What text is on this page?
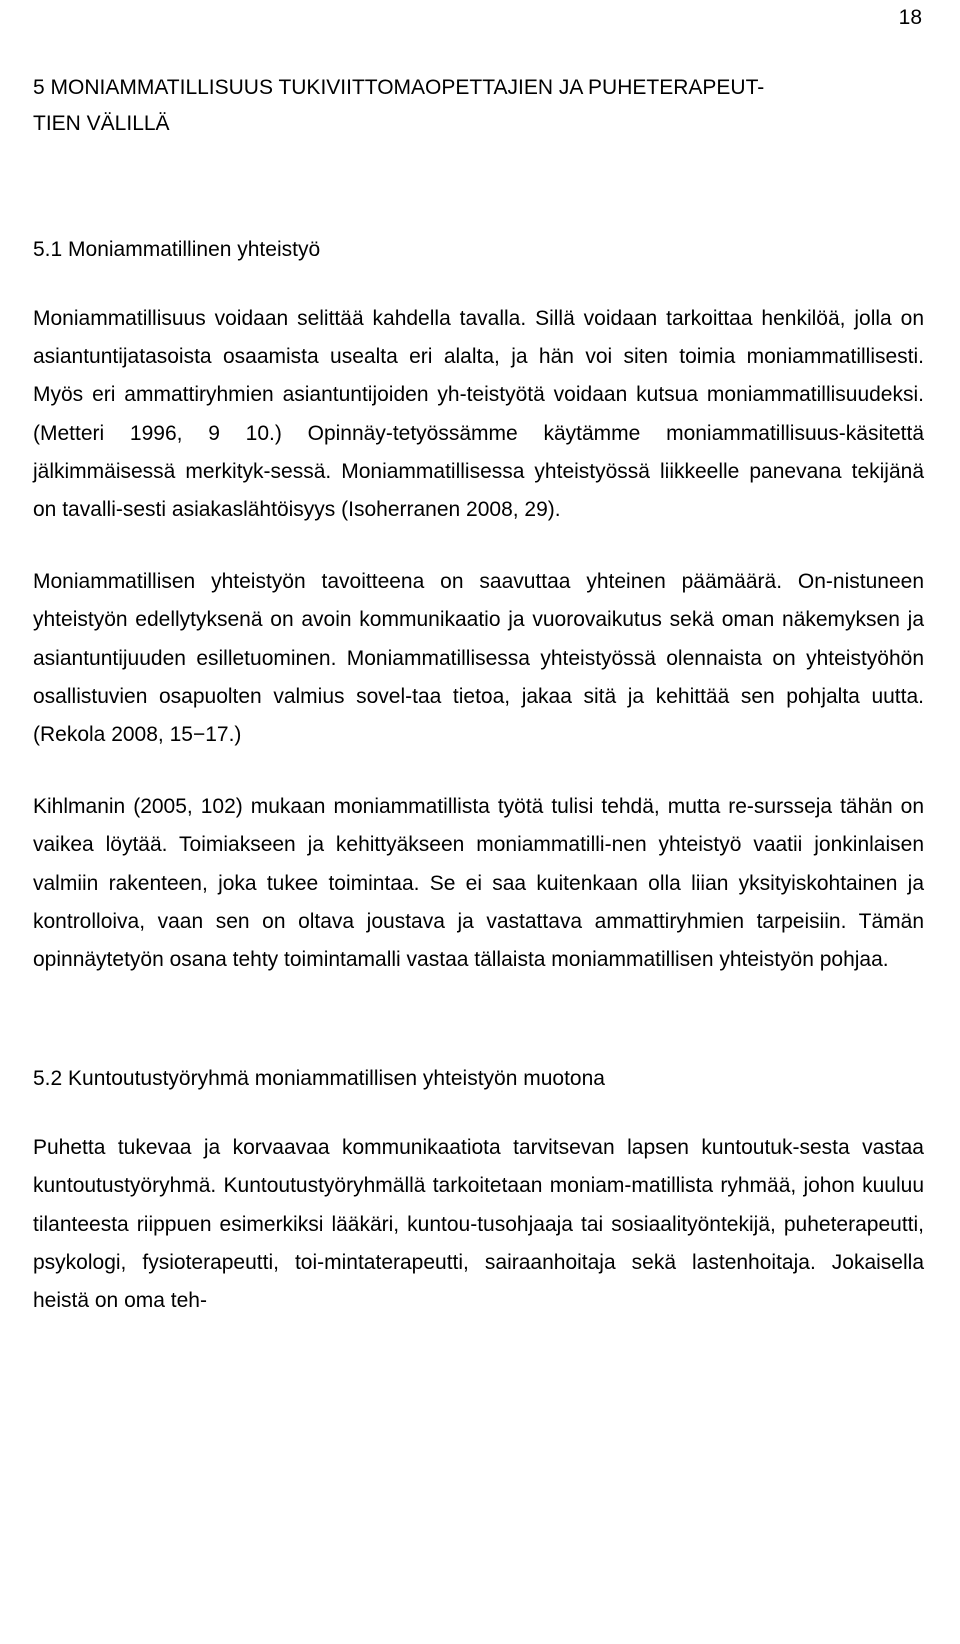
18
5 MONIAMMATILLISUUS TUKIVIITTOMAOPETTAJIEN JA PUHETERAPEUT-
TIEN VÄLILLÄ
5.1 Moniammatillinen yhteistyö

Moniammatillisuus voidaan selittää kahdella tavalla. Sillä voidaan tarkoittaa henkilöä, jolla on asiantuntijatasoista osaamista usealta eri alalta, ja hän voi siten toimia moniammatillisesti. Myös eri ammattiryhmien asiantuntijoiden yh-teistyötä voidaan kutsua moniammatillisuudeksi. (Metteri 1996, 9 10.) Opinnäy-tetyössämme käytämme moniammatillisuus-käsitettä jälkimmäisessä merkityk-sessä. Moniammatillisessa yhteistyössä liikkeelle panevana tekijänä on tavalli-sesti asiakaslähtöisyys (Isoherranen 2008, 29).

Moniammatillisen yhteistyön tavoitteena on saavuttaa yhteinen päämäärä. On-nistuneen yhteistyön edellytyksenä on avoin kommunikaatio ja vuorovaikutus sekä oman näkemyksen ja asiantuntijuuden esilletuominen. Moniammatillisessa yhteistyössä olennaista on yhteistyöhön osallistuvien osapuolten valmius sovel-taa tietoa, jakaa sitä ja kehittää sen pohjalta uutta. (Rekola 2008, 15−17.)

Kihlmanin (2005, 102) mukaan moniammatillista työtä tulisi tehdä, mutta re-sursseja tähän on vaikea löytää. Toimiakseen ja kehittyäkseen moniammatilli-nen yhteistyö vaatii jonkinlaisen valmiin rakenteen, joka tukee toimintaa. Se ei saa kuitenkaan olla liian yksityiskohtainen ja kontrolloiva, vaan sen on oltava joustava ja vastattava ammattiryhmien tarpeisiin. Tämän opinnäytetyön osana tehty toimintamalli vastaa tällaista moniammatillisen yhteistyön pohjaa.

5.2 Kuntoutustyöryhmä moniammatillisen yhteistyön muotona

Puhetta tukevaa ja korvaavaa kommunikaatiota tarvitsevan lapsen kuntoutuk-sesta vastaa kuntoutustyöryhmä. Kuntoutustyöryhmällä tarkoitetaan moniam-matillista ryhmää, johon kuuluu tilanteesta riippuen esimerkiksi lääkäri, kuntou-tusohjaaja tai sosiaalityöntekijä, puheterapeutti, psykologi, fysioterapeutti, toi-mintaterapeutti, sairaanhoitaja sekä lastenhoitaja. Jokaisella heistä on oma teh-
